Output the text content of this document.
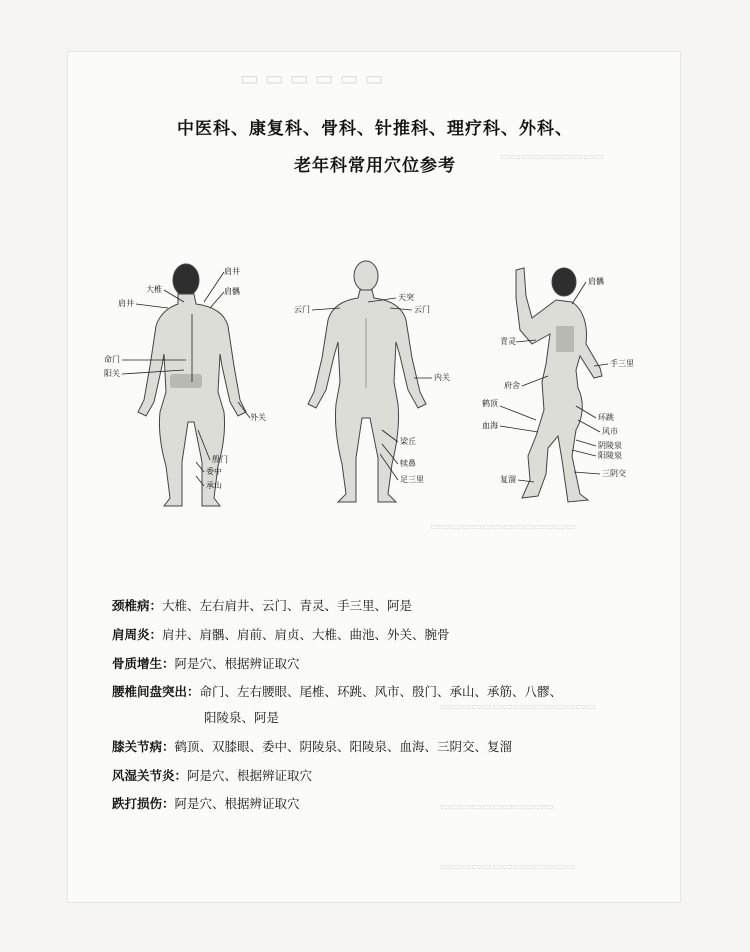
▭▭▭▭▭▭
▭▭▭▭▭▭▭▭▭▭
▭▭▭▭▭▭▭▭▭▭▭▭▭▭
▭▭▭▭▭▭▭▭▭▭▭▭▭▭▭
▭▭▭▭▭▭▭▭▭▭▭
▭▭▭▭▭▭▭▭▭▭▭▭▭
中医科、康复科、骨科、针推科、理疗科、外科、
老年科常用穴位参考
大椎
肩井
肩井
肩髃
命门
阳关
外关
殷门
委中
承山
天突
云门	云门
内关
梁丘
犊鼻
足三里
肩髃
青灵
手三里
府舍
鹤顶
血海
环跳
风市
阴陵泉
阳陵泉
复溜
三阴交
颈椎病：大椎、左右肩井、云门、青灵、手三里、阿是
肩周炎：肩井、肩髃、肩前、肩贞、大椎、曲池、外关、腕骨
骨质增生：阿是穴、根据辨证取穴
腰椎间盘突出：命门、左右腰眼、尾椎、环跳、风市、殷门、承山、承筋、八髎、
阳陵泉、阿是
膝关节病：鹤顶、双膝眼、委中、阴陵泉、阳陵泉、血海、三阴交、复溜
风湿关节炎：阿是穴、根据辨证取穴
跌打损伤：阿是穴、根据辨证取穴
